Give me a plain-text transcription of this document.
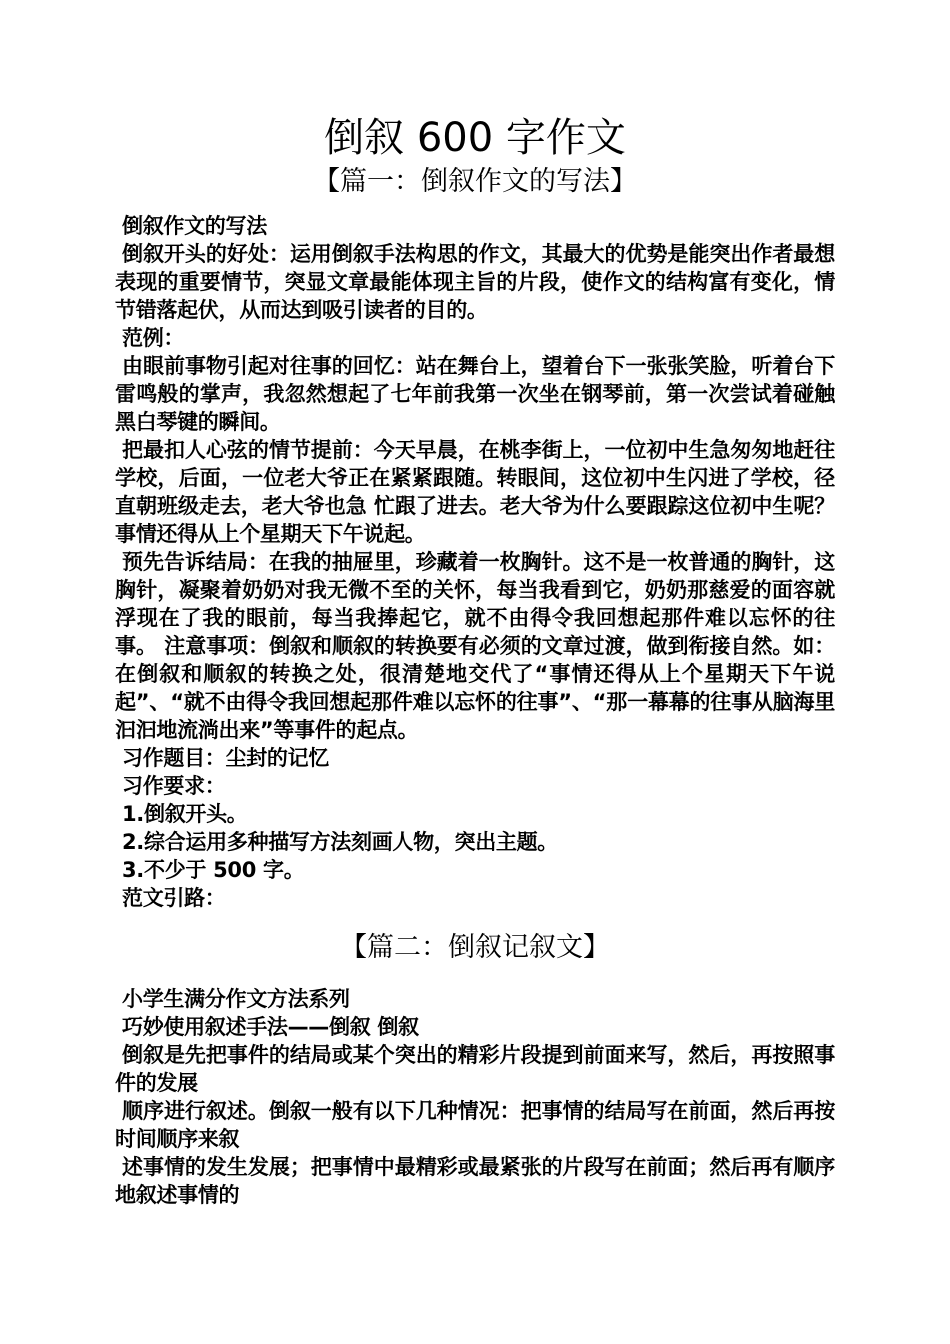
倒叙 600 字作文
【篇一：倒叙作文的写法】

倒叙作文的写法

倒叙开头的好处：运用倒叙手法构思的作文，其最大的优势是能突出作者最想表现的重要情节，突显文章最能体现主旨的片段，使作文的结构富有变化，情节错落起伏，从而达到吸引读者的目的。

范例：

由眼前事物引起对往事的回忆：站在舞台上，望着台下一张张笑脸，听着台下雷鸣般的掌声，我忽然想起了七年前我第一次坐在钢琴前，第一次尝试着碰触黑白琴键的瞬间。

把最扣人心弦的情节提前：今天早晨，在桃李街上，一位初中生急匆匆地赶往学校，后面，一位老大爷正在紧紧跟随。转眼间，这位初中生闪进了学校，径直朝班级走去，老大爷也急 忙跟了进去。老大爷为什么要跟踪这位初中生呢？事情还得从上个星期天下午说起。

预先告诉结局：在我的抽屉里，珍藏着一枚胸针。这不是一枚普通的胸针，这胸针，凝聚着奶奶对我无微不至的关怀，每当我看到它，奶奶那慈爱的面容就浮现在了我的眼前，每当我捧起它，就不由得令我回想起那件难以忘怀的往事。 注意事项：倒叙和顺叙的转换要有必须的文章过渡，做到衔接自然。如：在倒叙和顺叙的转换之处，很清楚地交代了“事情还得从上个星期天下午说起”、“就不由得令我回想起那件难以忘怀的往事”、“那一幕幕的往事从脑海里汩汩地流淌出来”等事件的起点。

习作题目：尘封的记忆

习作要求：

1.倒叙开头。

2.综合运用多种描写方法刻画人物，突出主题。

3.不少于 500 字。

范文引路：

【篇二：倒叙记叙文】

小学生满分作文方法系列

巧妙使用叙述手法——倒叙 倒叙

倒叙是先把事件的结局或某个突出的精彩片段提到前面来写，然后，再按照事件的发展

顺序进行叙述。倒叙一般有以下几种情况：把事情的结局写在前面，然后再按时间顺序来叙

述事情的发生发展；把事情中最精彩或最紧张的片段写在前面；然后再有顺序地叙述事情的
